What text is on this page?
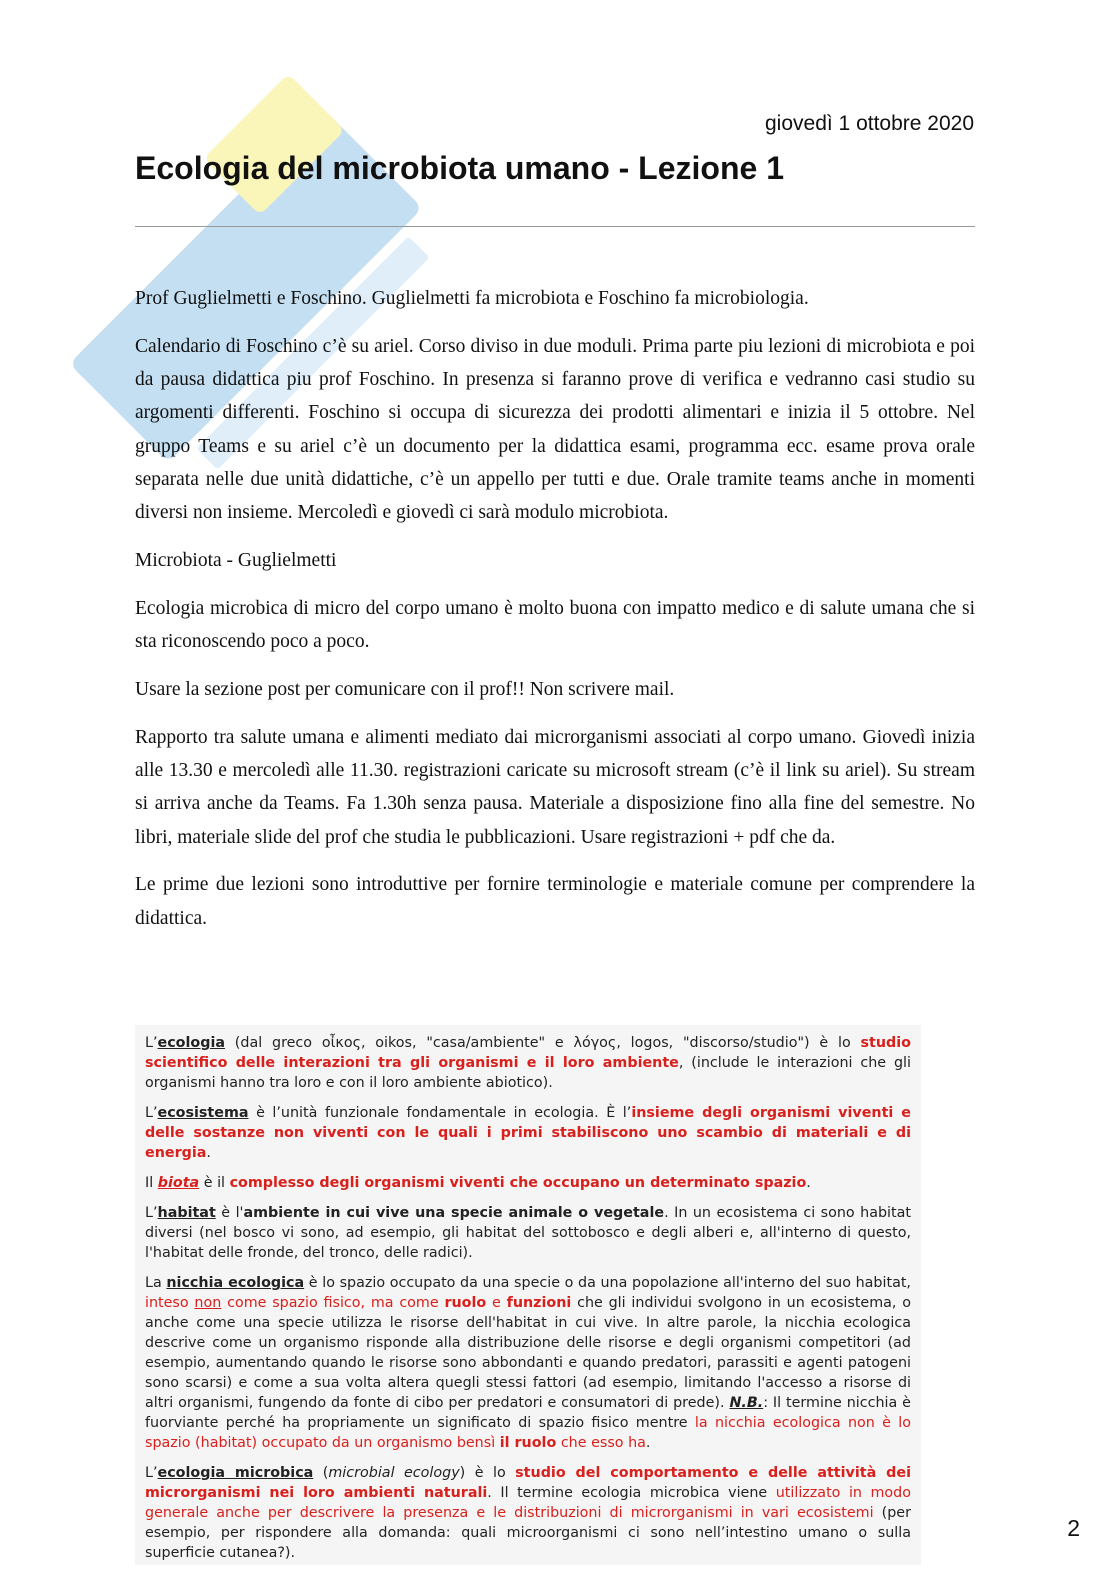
giovedì 1 ottobre 2020
Ecologia del microbiota umano - Lezione 1

Prof Guglielmetti e Foschino. Guglielmetti fa microbiota e Foschino fa microbiologia.

Calendario di Foschino c’è su ariel. Corso diviso in due moduli. Prima parte piu lezioni di microbiota e poi da pausa didattica piu prof Foschino. In presenza si faranno prove di verifica e vedranno casi studio su argomenti differenti. Foschino si occupa di sicurezza dei prodotti alimentari e inizia il 5 ottobre. Nel gruppo Teams e su ariel c’è un documento per la didattica esami, programma ecc. esame prova orale separata nelle due unità didattiche, c’è un appello per tutti e due. Orale tramite teams anche in momenti diversi non insieme. Mercoledì e giovedì ci sarà modulo microbiota.

Microbiota - Guglielmetti

Ecologia microbica di micro del corpo umano è molto buona con impatto medico e di salute umana che si sta riconoscendo poco a poco.

Usare la sezione post per comunicare con il prof!! Non scrivere mail.

Rapporto tra salute umana e alimenti mediato dai microrganismi associati al corpo umano. Giovedì inizia alle 13.30 e mercoledì alle 11.30. registrazioni caricate su microsoft stream (c’è il link su ariel). Su stream si arriva anche da Teams. Fa 1.30h senza pausa. Materiale a disposizione fino alla fine del semestre. No libri, materiale slide del prof che studia le pubblicazioni. Usare registrazioni + pdf che da.

Le prime due lezioni sono introduttive per fornire terminologie e materiale comune per comprendere la didattica.

L’ecologia (dal greco οἶκος, oikos, "casa/ambiente" e λόγος, logos, "discorso/studio") è lo studio scientifico delle interazioni tra gli organismi e il loro ambiente, (include le interazioni che gli organismi hanno tra loro e con il loro ambiente abiotico).

L’ecosistema è l’unità funzionale fondamentale in ecologia. È l’insieme degli organismi viventi e delle sostanze non viventi con le quali i primi stabiliscono uno scambio di materiali e di energia.

Il biota è il complesso degli organismi viventi che occupano un determinato spazio.

L’habitat è l'ambiente in cui vive una specie animale o vegetale. In un ecosistema ci sono habitat diversi (nel bosco vi sono, ad esempio, gli habitat del sottobosco e degli alberi e, all'interno di questo, l'habitat delle fronde, del tronco, delle radici).

La nicchia ecologica è lo spazio occupato da una specie o da una popolazione all'interno del suo habitat, inteso non come spazio fisico, ma come ruolo e funzioni che gli individui svolgono in un ecosistema, o anche come una specie utilizza le risorse dell'habitat in cui vive. In altre parole, la nicchia ecologica descrive come un organismo risponde alla distribuzione delle risorse e degli organismi competitori (ad esempio, aumentando quando le risorse sono abbondanti e quando predatori, parassiti e agenti patogeni sono scarsi) e come a sua volta altera quegli stessi fattori (ad esempio, limitando l'accesso a risorse di altri organismi, fungendo da fonte di cibo per predatori e consumatori di prede). N.B.: Il termine nicchia è fuorviante perché ha propriamente un significato di spazio fisico mentre la nicchia ecologica non è lo spazio (habitat) occupato da un organismo bensì il ruolo che esso ha.

L’ecologia microbica (microbial ecology) è lo studio del comportamento e delle attività dei microrganismi nei loro ambienti naturali. Il termine ecologia microbica viene utilizzato in modo generale anche per descrivere la presenza e le distribuzioni di microrganismi in vari ecosistemi (per esempio, per rispondere alla domanda: quali microorganismi ci sono nell’intestino umano o sulla superficie cutanea?).

2
